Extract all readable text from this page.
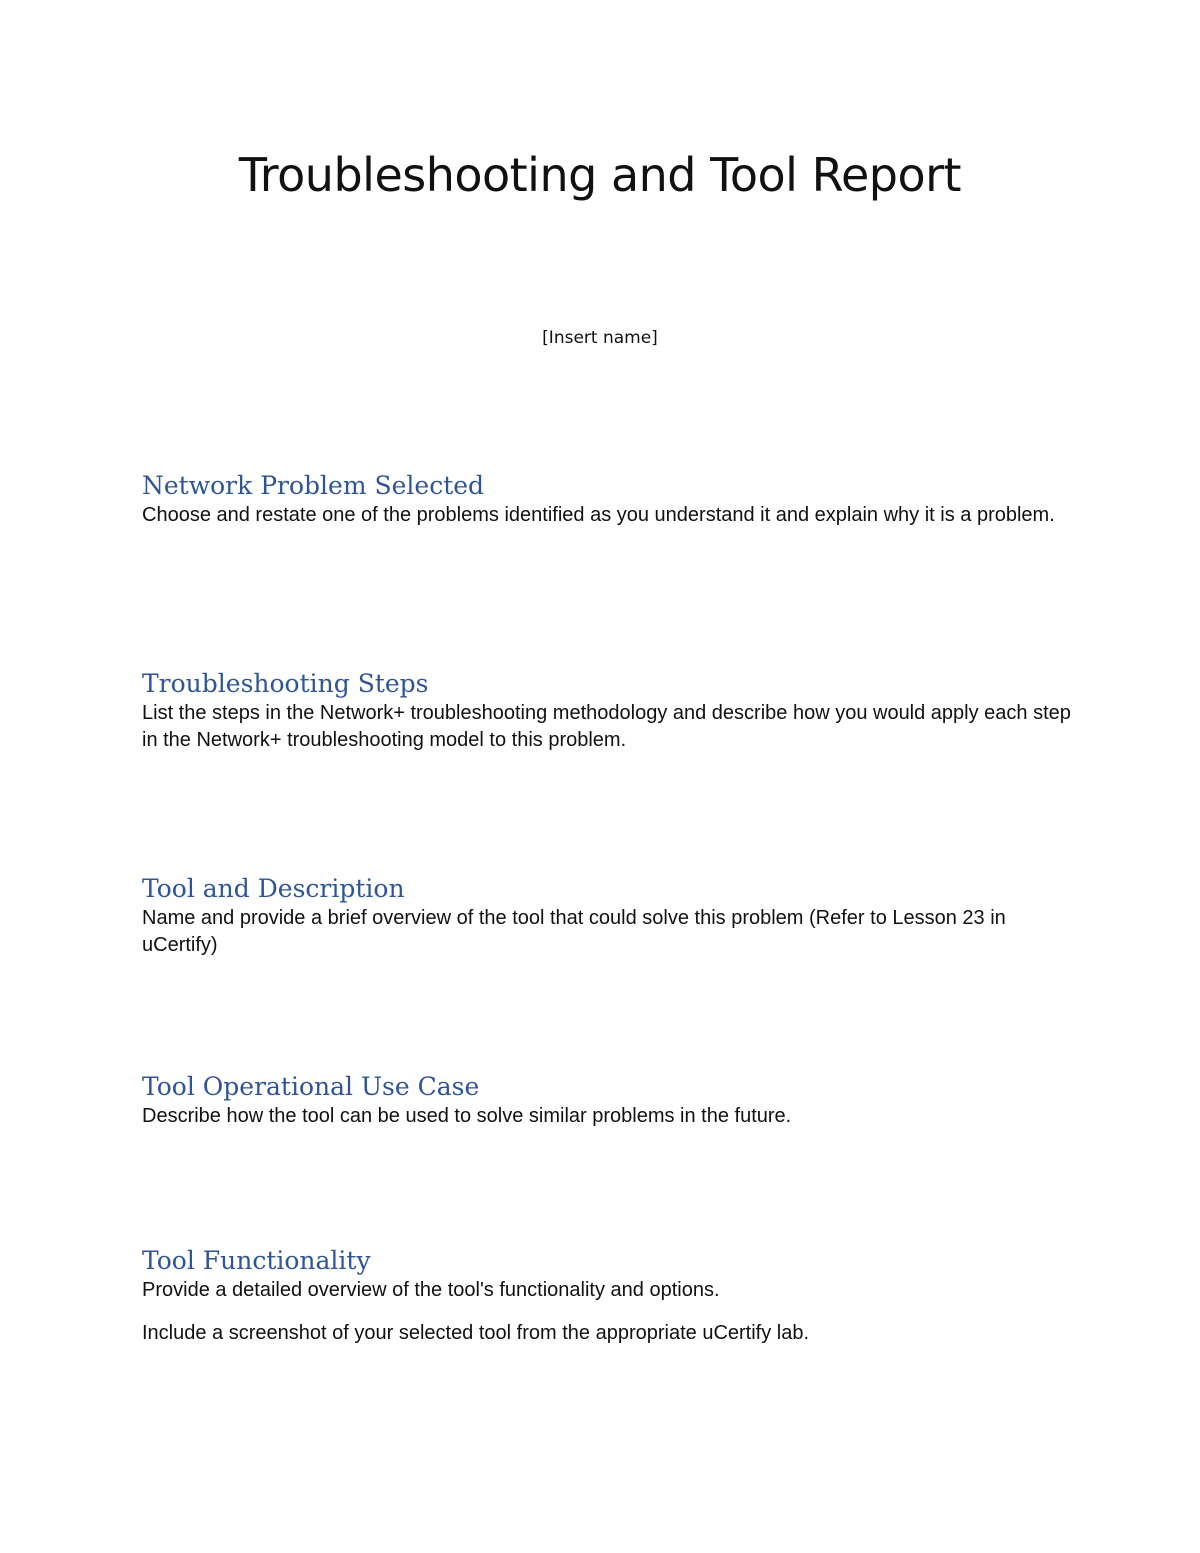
Troubleshooting and Tool Report
[Insert name]
Network Problem Selected

Choose and restate one of the problems identified as you understand it and explain why it is a problem.

Troubleshooting Steps

List the steps in the Network+ troubleshooting methodology and describe how you would apply each step in the Network+ troubleshooting model to this problem.

Tool and Description

Name and provide a brief overview of the tool that could solve this problem (Refer to Lesson 23 in uCertify)

Tool Operational Use Case

Describe how the tool can be used to solve similar problems in the future.

Tool Functionality

Provide a detailed overview of the tool's functionality and options.

Include a screenshot of your selected tool from the appropriate uCertify lab.
